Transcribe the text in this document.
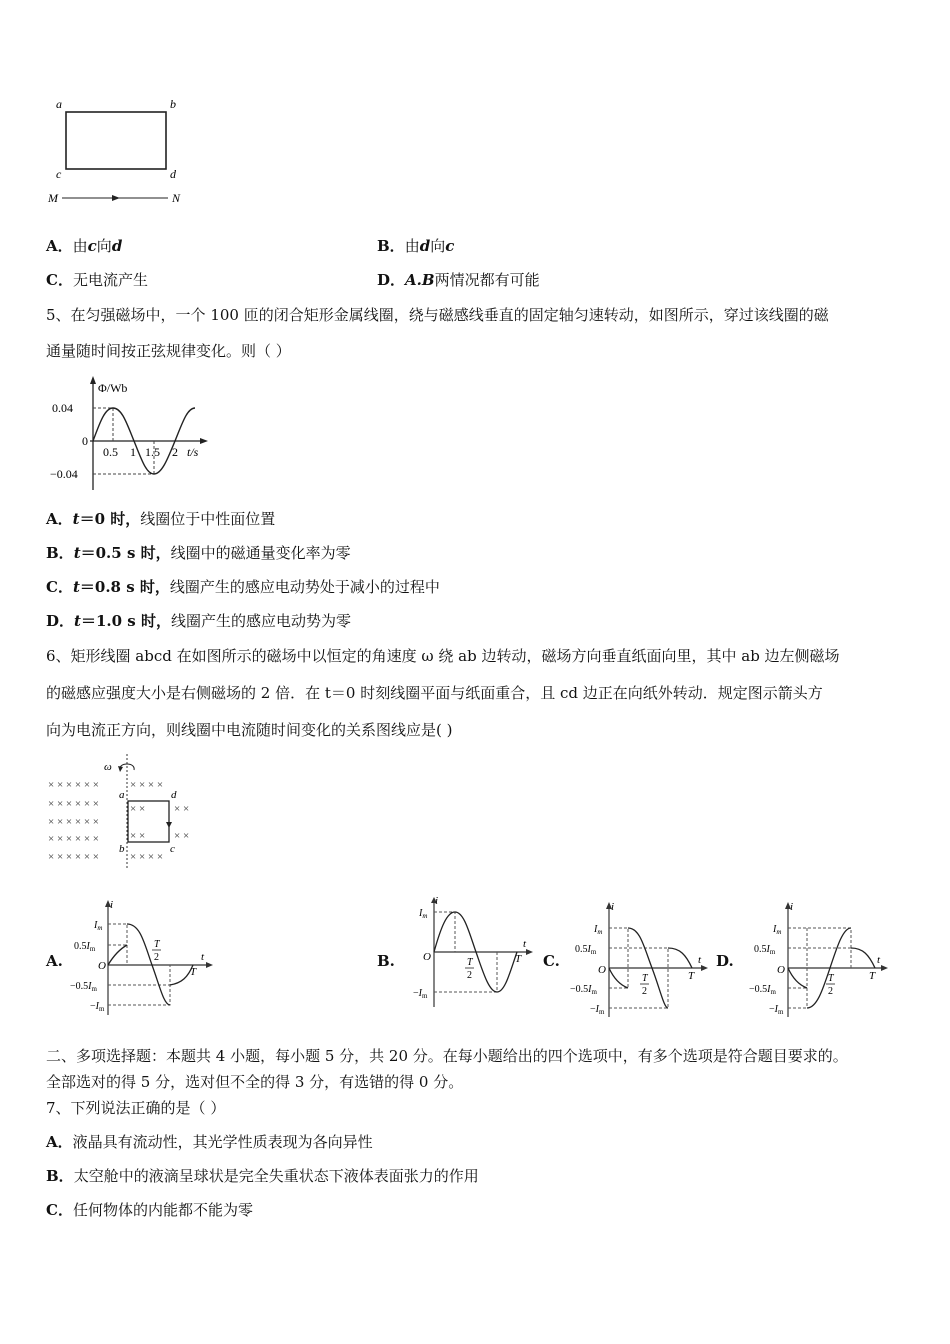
a	b
c	d
M	N
A．由c向d	B．由d向c
C．无电流产生	D．A.B两情况都有可能
5、在匀强磁场中，一个 100 匝的闭合矩形金属线圈，绕与磁感线垂直的固定轴匀速转动，如图所示，穿过该线圈的磁
通量随时间按正弦规律变化。则（ ）
Φ/Wb
0.04
0
−0.04
0.5 1 1.5 2 t/s
A．t＝0 时，线圈位于中性面位置
B．t＝0.5 s 时，线圈中的磁通量变化率为零
C．t＝0.8 s 时，线圈产生的感应电动势处于减小的过程中
D．t＝1.0 s 时，线圈产生的感应电动势为零
6、矩形线圈 abcd 在如图所示的磁场中以恒定的角速度 ω 绕 ab 边转动，磁场方向垂直纸面向里，其中 ab 边左侧磁场
的磁感应强度大小是右侧磁场的 2 倍．在 t＝0 时刻线圈平面与纸面重合，且 cd 边正在向纸外转动．规定图示箭头方
向为电流正方向，则线圈中电流随时间变化的关系图线应是( )
× × × × × ×
× × × × × ×
× × × × × ×
× × × × × ×
× × × × × ×
× × × ×
× ×
× ×
× ×
× ×
× × × ×
ω
a
b	c
d
A.
i
$I_m$
$0.5I_m$
O
$-0.5I_m$
$-I_m$
T
2	t
T
B.
i
$I_m$
O
$-I_m$
T
2
t
T C.
i
$I_m$
$0.5I_m$
O
$-0.5I_m$
$-I_m$
T
2
t
T
D.
i
$I_m$
$0.5I_m$
O
$-0.5I_m$
$-I_m$
T
2
t
T
二、多项选择题：本题共 4 小题，每小题 5 分，共 20 分。在每小题给出的四个选项中，有多个选项是符合题目要求的。
全部选对的得 5 分，选对但不全的得 3 分，有选错的得 0 分。
7、下列说法正确的是（ ）
A．液晶具有流动性，其光学性质表现为各向异性
B．太空舱中的液滴呈球状是完全失重状态下液体表面张力的作用
C．任何物体的内能都不能为零
